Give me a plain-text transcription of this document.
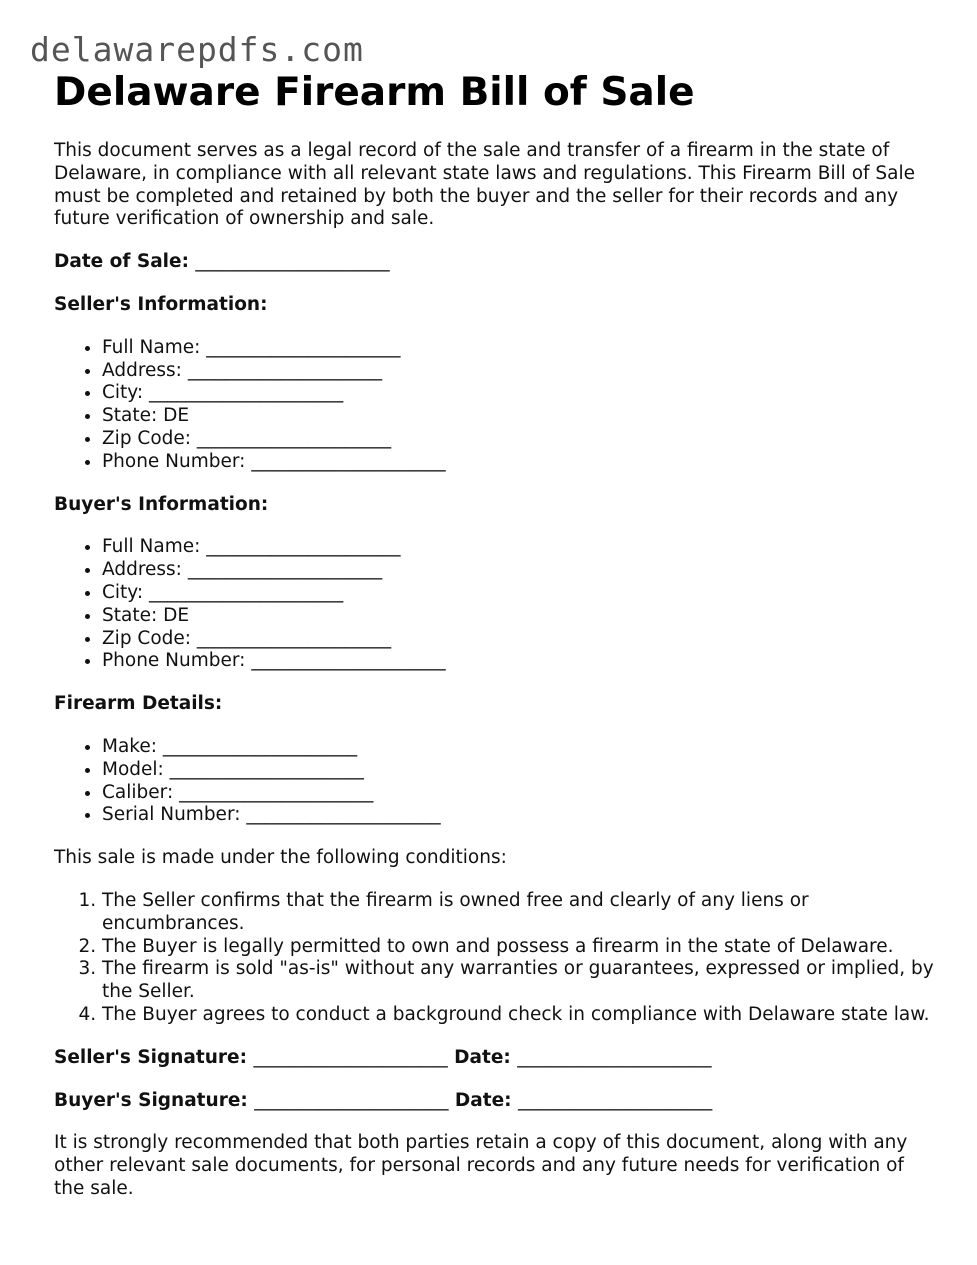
delawarepdfs.com
Delaware Firearm Bill of Sale

This document serves as a legal record of the sale and transfer of a firearm in the state of Delaware, in compliance with all relevant state laws and regulations. This Firearm Bill of Sale must be completed and retained by both the buyer and the seller for their records and any future verification of ownership and sale.

Date of Sale: _____________________

Seller's Information:

• Full Name: _____________________
• Address: _____________________
• City: _____________________
• State: DE
• Zip Code: _____________________
• Phone Number: _____________________

Buyer's Information:

• Full Name: _____________________
• Address: _____________________
• City: _____________________
• State: DE
• Zip Code: _____________________
• Phone Number: _____________________

Firearm Details:

• Make: _____________________
• Model: _____________________
• Caliber: _____________________
• Serial Number: _____________________

This sale is made under the following conditions:

1. The Seller confirms that the firearm is owned free and clearly of any liens or encumbrances.
2. The Buyer is legally permitted to own and possess a firearm in the state of Delaware.
3. The firearm is sold "as-is" without any warranties or guarantees, expressed or implied, by the Seller.
4. The Buyer agrees to conduct a background check in compliance with Delaware state law.

Seller's Signature: _____________________ Date: _____________________

Buyer's Signature: _____________________ Date: _____________________

It is strongly recommended that both parties retain a copy of this document, along with any other relevant sale documents, for personal records and any future needs for verification of the sale.
